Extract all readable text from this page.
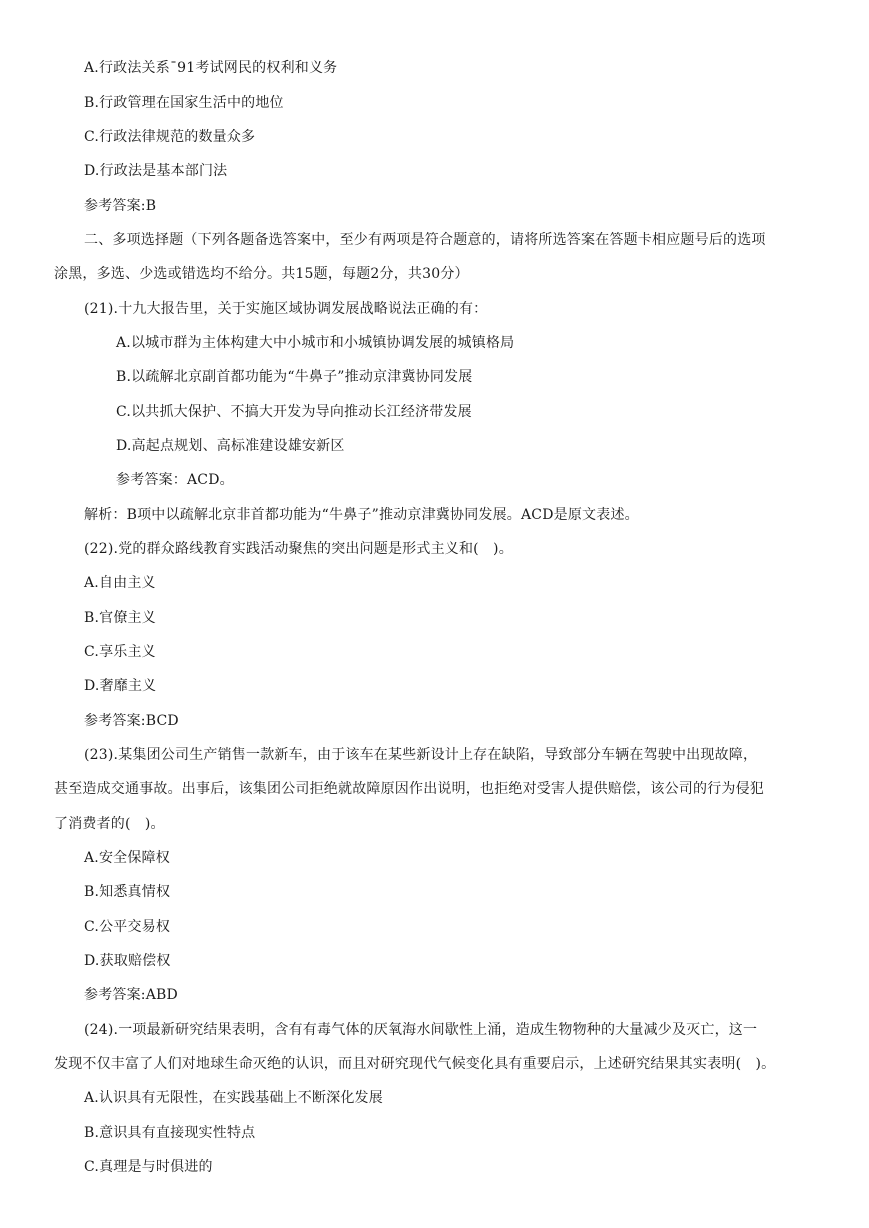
A.行政法关系ˉ91考试网民的权利和义务
B.行政管理在国家生活中的地位
C.行政法律规范的数量众多
D.行政法是基本部门法
参考答案:B
二、多项选择题（下列各题备选答案中，至少有两项是符合题意的，请将所选答案在答题卡相应题号后的选项
涂黑，多选、少选或错选均不给分。共15题，每题2分，共30分）
(21).十九大报告里，关于实施区域协调发展战略说法正确的有：
A.以城市群为主体构建大中小城市和小城镇协调发展的城镇格局
B.以疏解北京副首都功能为“牛鼻子”推动京津冀协同发展
C.以共抓大保护、不搞大开发为导向推动长江经济带发展
D.高起点规划、高标准建设雄安新区
参考答案：ACD。
解析：B项中以疏解北京非首都功能为“牛鼻子”推动京津冀协同发展。ACD是原文表述。
(22).党的群众路线教育实践活动聚焦的突出问题是形式主义和(　)。
A.自由主义
B.官僚主义
C.享乐主义
D.奢靡主义
参考答案:BCD
(23).某集团公司生产销售一款新车，由于该车在某些新设计上存在缺陷，导致部分车辆在驾驶中出现故障，
甚至造成交通事故。出事后，该集团公司拒绝就故障原因作出说明，也拒绝对受害人提供赔偿，该公司的行为侵犯
了消费者的(　)。
A.安全保障权
B.知悉真情权
C.公平交易权
D.获取赔偿权
参考答案:ABD
(24).一项最新研究结果表明，含有有毒气体的厌氧海水间歇性上涌，造成生物物种的大量减少及灭亡，这一
发现不仅丰富了人们对地球生命灭绝的认识，而且对研究现代气候变化具有重要启示，上述研究结果其实表明(　)。
A.认识具有无限性，在实践基础上不断深化发展
B.意识具有直接现实性特点
C.真理是与时俱进的
